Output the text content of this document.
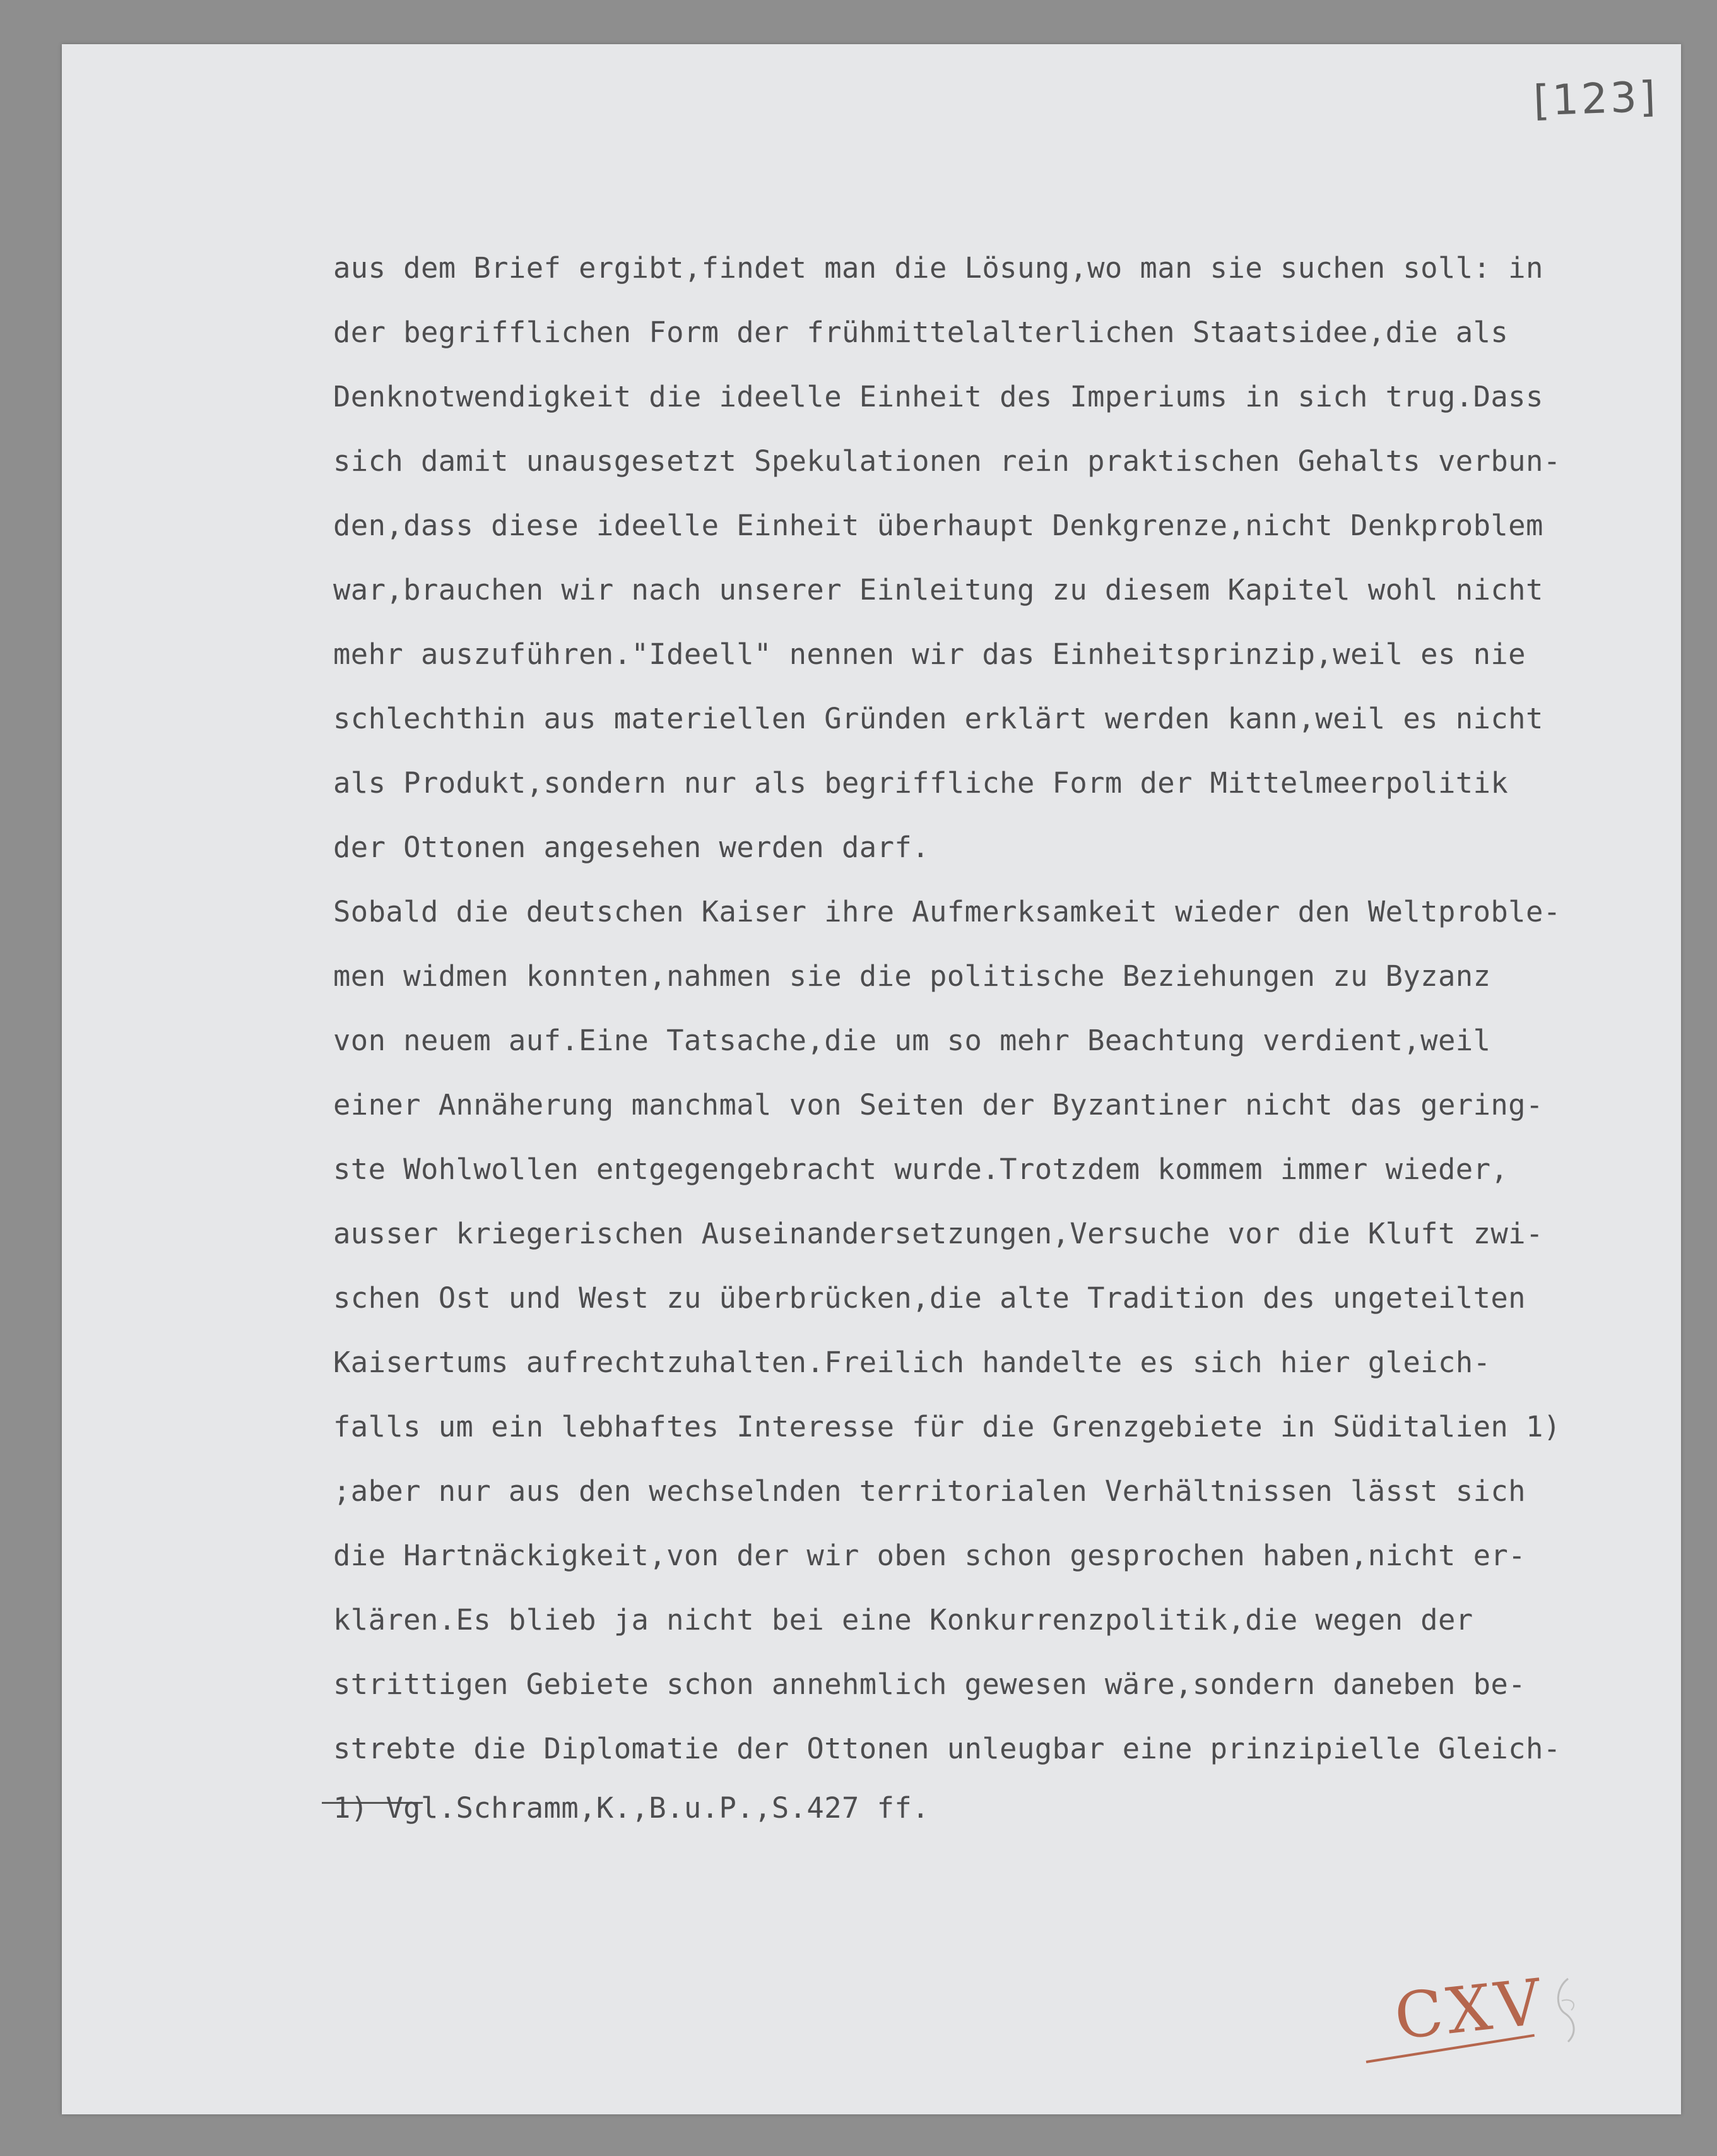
[123]

aus dem Brief ergibt,findet man die Lösung,wo man sie suchen soll: in

der begrifflichen Form der frühmittelalterlichen Staatsidee,die als

Denknotwendigkeit die ideelle Einheit des Imperiums in sich trug.Dass

sich damit unausgesetzt Spekulationen rein praktischen Gehalts verbun-

den,dass diese ideelle Einheit überhaupt Denkgrenze,nicht Denkproblem

war,brauchen wir nach unserer Einleitung zu diesem Kapitel wohl nicht

mehr auszuführen."Ideell" nennen wir das Einheitsprinzip,weil es nie

schlechthin aus materiellen Gründen erklärt werden kann,weil es nicht

als Produkt,sondern nur als begriffliche Form der Mittelmeerpolitik

der Ottonen angesehen werden darf.

Sobald die deutschen Kaiser ihre Aufmerksamkeit wieder den Weltproble-

men widmen konnten,nahmen sie die politische Beziehungen zu Byzanz

von neuem auf.Eine Tatsache,die um so mehr Beachtung verdient,weil

einer Annäherung manchmal von Seiten der Byzantiner nicht das gering-

ste Wohlwollen entgegengebracht wurde.Trotzdem kommem immer wieder,

ausser kriegerischen Auseinandersetzungen,Versuche vor die Kluft zwi-

schen Ost und West zu überbrücken,die alte Tradition des ungeteilten

Kaisertums aufrechtzuhalten.Freilich handelte es sich hier gleich-

falls um ein lebhaftes Interesse für die Grenzgebiete in Süditalien 1)

;aber nur aus den wechselnden territorialen Verhältnissen lässt sich

die Hartnäckigkeit,von der wir oben schon gesprochen haben,nicht er-

klären.Es blieb ja nicht bei eine Konkurrenzpolitik,die wegen der

strittigen Gebiete schon annehmlich gewesen wäre,sondern daneben be-

strebte die Diplomatie der Ottonen unleugbar eine prinzipielle Gleich-

1) Vgl.Schramm,K.,B.u.P.,S.427 ff.

CXV
